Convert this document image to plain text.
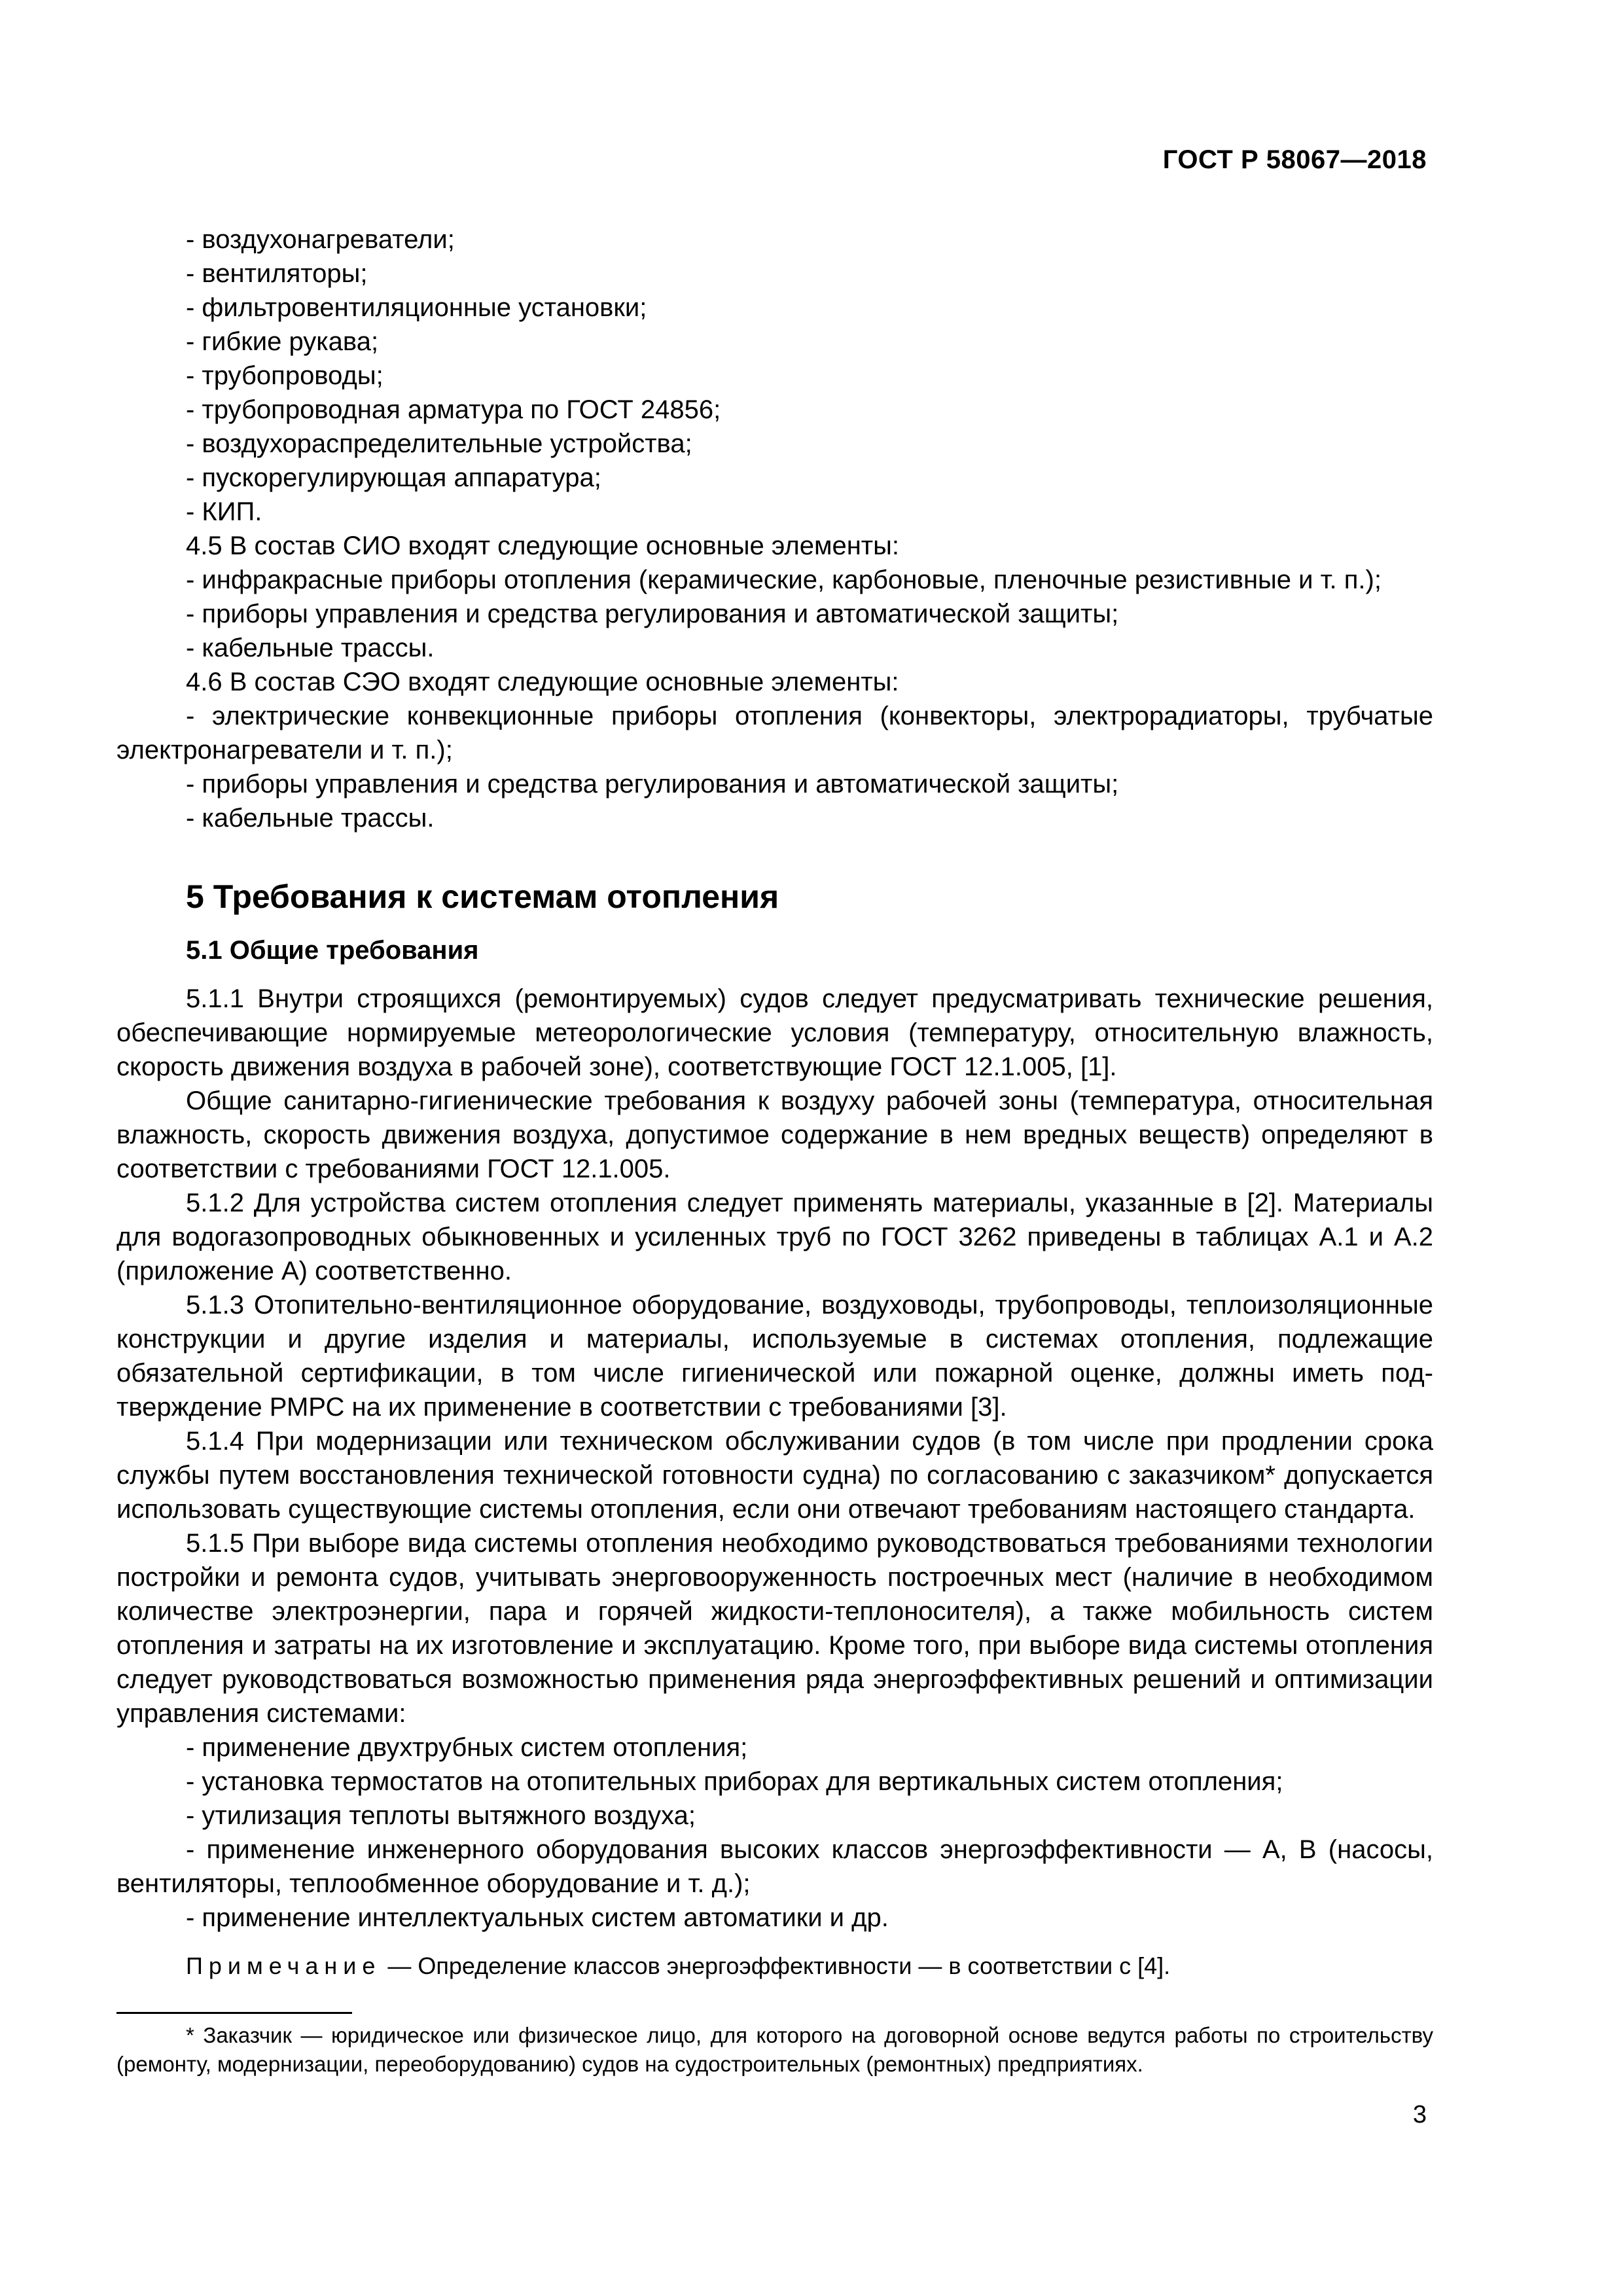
ГОСТ Р 58067—2018

- воздухонагреватели;

- вентиляторы;

- фильтровентиляционные установки;

- гибкие рукава;

- трубопроводы;

- трубопроводная арматура по ГОСТ 24856;

- воздухораспределительные устройства;

- пускорегулирующая аппаратура;

- КИП.

4.5 В состав СИО входят следующие основные элементы:

- инфракрасные приборы отопления (керамические, карбоновые, пленочные резистивные и т. п.);

- приборы управления и средства регулирования и автоматической защиты;

- кабельные трассы.

4.6 В состав СЭО входят следующие основные элементы:

- электрические конвекционные приборы отопления (конвекторы, электрорадиаторы, трубчатые электронагреватели и т. п.);

- приборы управления и средства регулирования и автоматической защиты;

- кабельные трассы.

5 Требования к системам отопления

5.1 Общие требования

5.1.1 Внутри строящихся (ремонтируемых) судов следует предусматривать технические решения, обеспечивающие нормируемые метеорологические условия (температуру, относительную влажность, скорость движения воздуха в рабочей зоне), соответствующие ГОСТ 12.1.005, [1].

Общие санитарно-гигиенические требования к воздуху рабочей зоны (температура, относительная влажность, скорость движения воздуха, допустимое содержание в нем вредных веществ) определяют в соответствии с требованиями ГОСТ 12.1.005.

5.1.2 Для устройства систем отопления следует применять материалы, указанные в [2]. Материалы для водогазопроводных обыкновенных и усиленных труб по ГОСТ 3262 приведены в таблицах А.1 и А.2 (приложение А) соответственно.

5.1.3 Отопительно-вентиляционное оборудование, воздуховоды, трубопроводы, теплоизоляционные конструкции и другие изделия и материалы, используемые в системах отопления, подлежащие обязательной сертификации, в том числе гигиенической или пожарной оценке, должны иметь подтверждение РМРС на их применение в соответствии с требованиями [3].

5.1.4 При модернизации или техническом обслуживании судов (в том числе при продлении срока службы путем восстановления технической готовности судна) по согласованию с заказчиком* допускается использовать существующие системы отопления, если они отвечают требованиям настоящего стандарта.

5.1.5 При выборе вида системы отопления необходимо руководствоваться требованиями технологии постройки и ремонта судов, учитывать энерговооруженность построечных мест (наличие в необходимом количестве электроэнергии, пара и горячей жидкости-теплоносителя), а также мобильность систем отопления и затраты на их изготовление и эксплуатацию. Кроме того, при выборе вида системы отопления следует руководствоваться возможностью применения ряда энергоэффективных решений и оптимизации управления системами:

- применение двухтрубных систем отопления;

- установка термостатов на отопительных приборах для вертикальных систем отопления;

- утилизация теплоты вытяжного воздуха;

- применение инженерного оборудования высоких классов энергоэффективности — А, В (насосы, вентиляторы, теплообменное оборудование и т. д.);

- применение интеллектуальных систем автоматики и др.

Примечание — Определение классов энергоэффективности — в соответствии с [4].

* Заказчик — юридическое или физическое лицо, для которого на договорной основе ведутся работы по строительству (ремонту, модернизации, переоборудованию) судов на судостроительных (ремонтных) предприятиях.
3
